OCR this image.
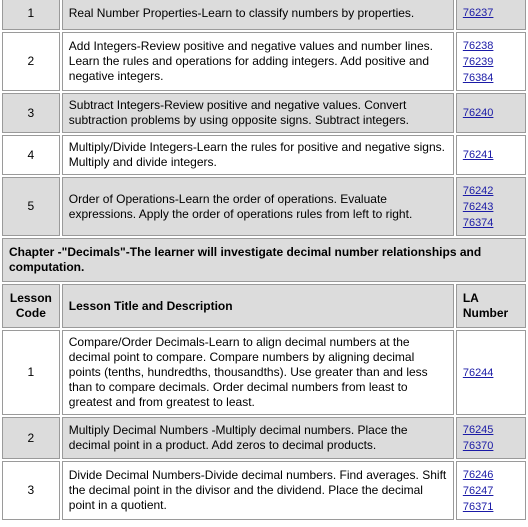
1	Real Number Properties-Learn to classify numbers by properties.	76237

2	Add Integers-Review positive and negative values and number lines. Learn the rules and operations for adding integers. Add positive and negative integers.	76238
76239
76384

3	Subtract Integers-Review positive and negative values. Convert subtraction problems by using opposite signs. Subtract integers.	76240

4	Multiply/Divide Integers-Learn the rules for positive and negative signs. Multiply and divide integers.	76241

5	Order of Operations-Learn the order of operations. Evaluate expressions. Apply the order of operations rules from left to right.	76242
76243
76374

Chapter -"Decimals"-The learner will investigate decimal number relationships and computation.		
Lesson Code	Lesson Title and Description	LA Number
1	Compare/Order Decimals-Learn to align decimal numbers at the decimal point to compare. Compare numbers by aligning decimal points (tenths, hundredths, thousandths). Use greater than and less than to compare decimals. Order decimal numbers from least to greatest and from greatest to least.	76244

2	Multiply Decimal Numbers -Multiply decimal numbers. Place the decimal point in a product. Add zeros to decimal products.	76245
76370

3	Divide Decimal Numbers-Divide decimal numbers. Find averages. Shift the decimal point in the divisor and the dividend. Place the decimal point in a quotient.	76246
76247
76371
